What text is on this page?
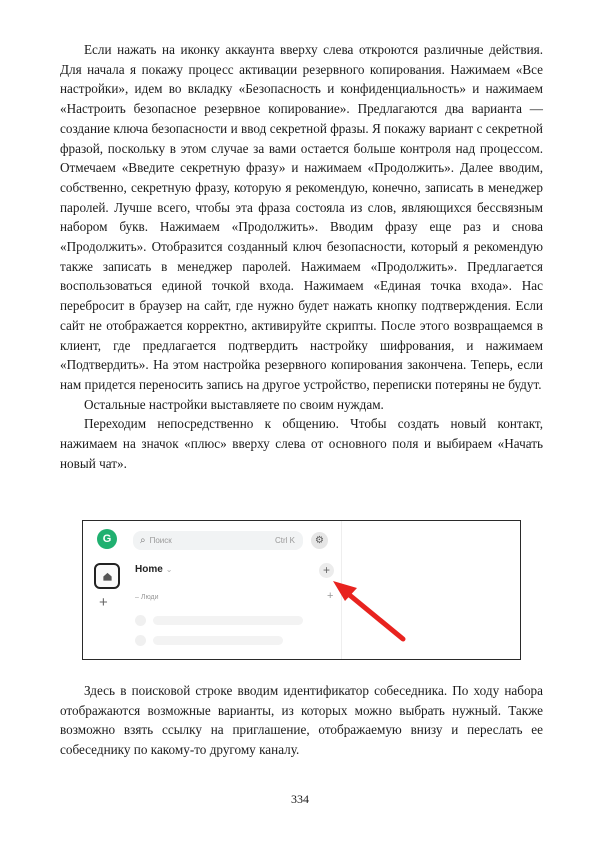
Если нажать на иконку аккаунта вверху слева откроются различные действия. Для начала я покажу процесс активации резервного копирования. Нажимаем «Все настройки», идем во вкладку «Безопасность и конфиденциальность» и нажимаем «Настроить безопасное резервное копирование». Предлагаются два варианта — создание ключа безопасности и ввод секретной фразы. Я покажу вариант с секретной фразой, поскольку в этом случае за вами остается больше контроля над процессом. Отмечаем «Введите секретную фразу» и нажимаем «Продолжить». Далее вводим, собственно, секретную фразу, которую я рекомендую, конечно, записать в менеджер паролей. Лучше всего, чтобы эта фраза состояла из слов, являющихся бессвязным набором букв. Нажимаем «Продолжить». Вводим фразу еще раз и снова «Продолжить». Отобразится созданный ключ безопасности, который я рекомендую также записать в менеджер паролей. Нажимаем «Продолжить». Предлагается воспользоваться единой точкой входа. Нажимаем «Единая точка входа». Нас перебросит в браузер на сайт, где нужно будет нажать кнопку подтверждения. Если сайт не отображается корректно, активируйте скрипты. После этого возвращаемся в клиент, где предлагается подтвердить настройку шифрования, и нажимаем «Подтвердить». На этом настройка резервного копирования закончена. Теперь, если нам придется переносить запись на другое устройство, переписки потеряны не будут.

Остальные настройки выставляете по своим нуждам.

Переходим непосредственно к общению. Чтобы создать новый контакт, нажимаем на значок «плюс» вверху слева от основного поля и выбираем «Начать новый чат».

G
+
⌕ Поиск	Ctrl K	⚙
Home ⌄	+
– Люди	+

Здесь в поисковой строке вводим идентификатор собеседника. По ходу набора отображаются возможные варианты, из которых можно выбрать нужный. Также возможно взять ссылку на приглашение, отображаемую внизу и переслать ее собеседнику по какому-то другому каналу.

334
